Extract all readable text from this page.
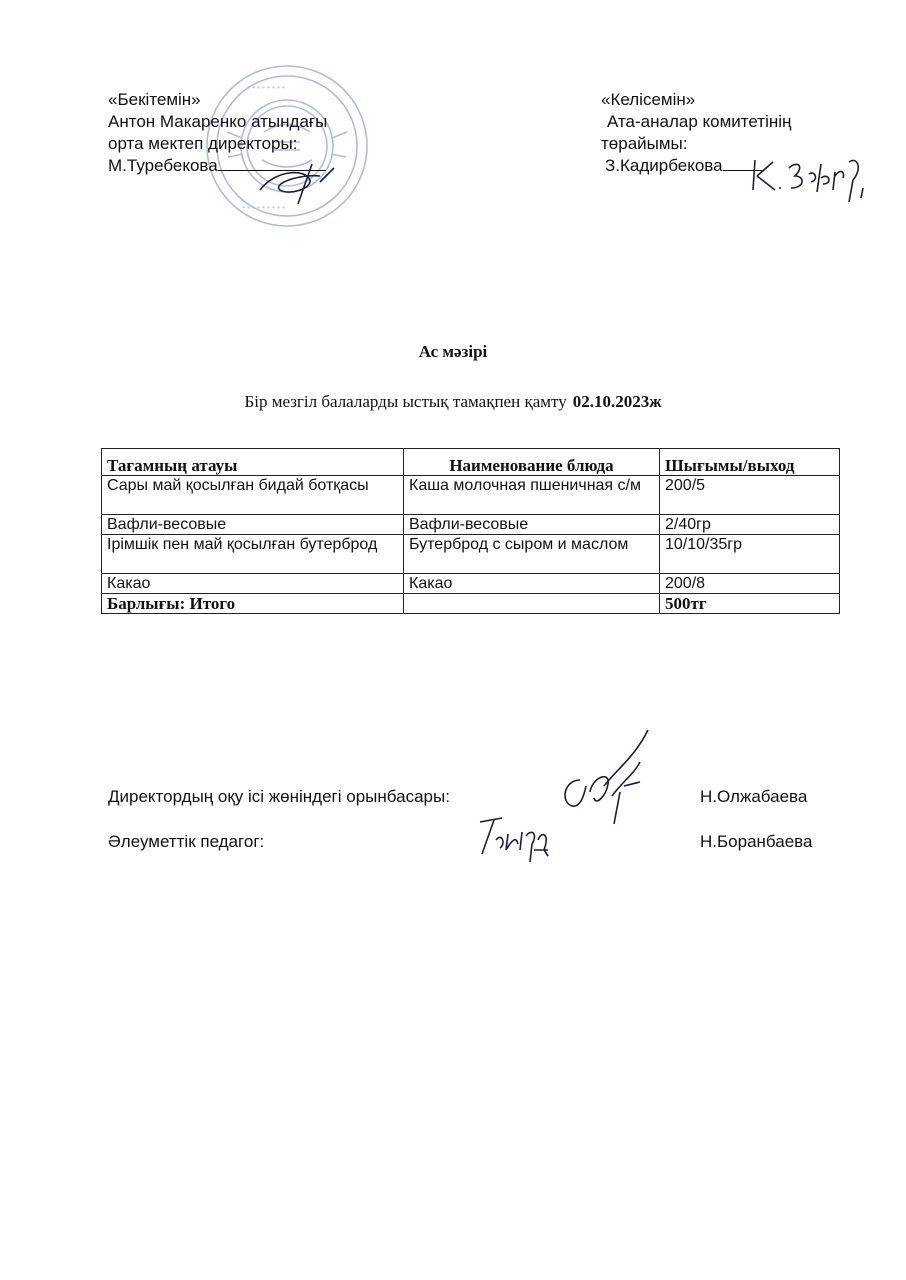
• • • • • • • •
• • • • • • • • •
«Бекітемін»
Антон Макаренко атындағы
орта мектеп директоры:
М.Туребекова
«Келісемін»
Ата-аналар комитетінің
төрайымы:
З.Кадирбекова
Ас мәзірі
Бір мезгіл балаларды ыстық тамақпен қамту 02.10.2023ж
Тағамның атауы	Наименование блюда	Шығымы/выход
Сары май қосылған бидай ботқасы	Каша молочная пшеничная с/м	200/5
Вафли-весовые	Вафли-весовые	2/40гр
Ірімшік пен май қосылған бутерброд	Бутерброд с сыром и маслом	10/10/35гр
Какао	Какао	200/8
Барлығы: Итого		500тг
Директордың оқу ісі жөніндегі орынбасары:	Н.Олжабаева
Әлеуметтік педагог:	Н.Боранбаева
